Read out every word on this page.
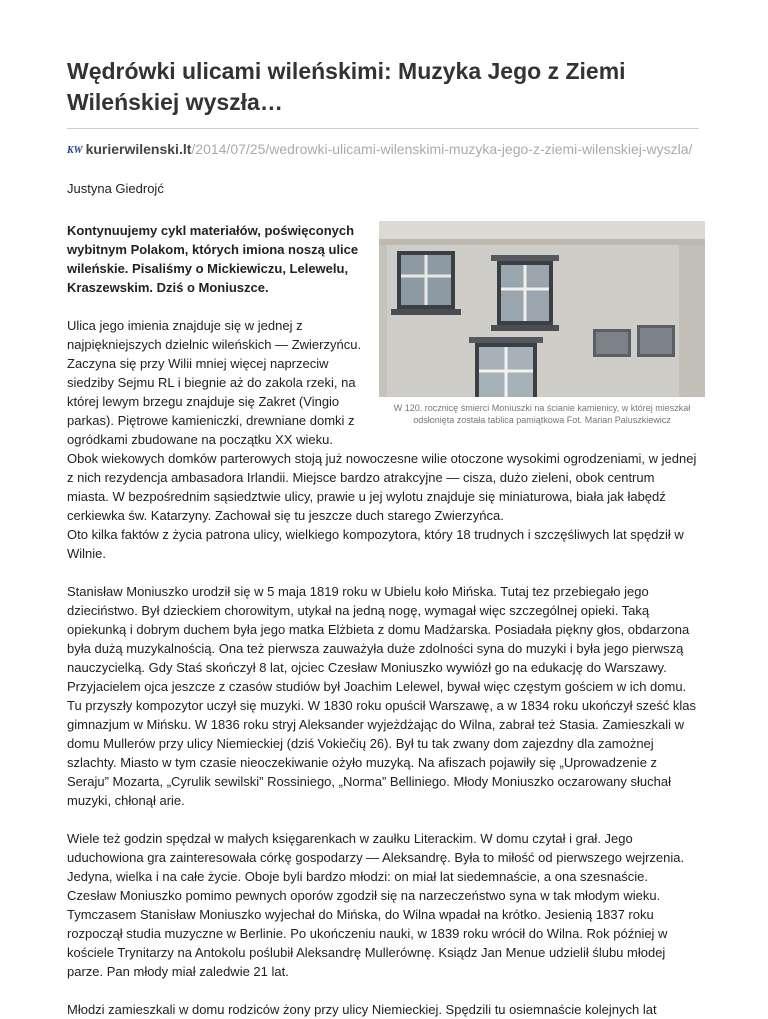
Wędrówki ulicami wileńskimi: Muzyka Jego z Ziemi Wileńskiej wyszła…
KW kurierwilenski.lt/2014/07/25/wedrowki-ulicami-wilenskimi-muzyka-jego-z-ziemi-wilenskiej-wyszla/
Justyna Giedrojć
W 120. rocznicę śmierci Moniuszki na ścianie kamienicy, w której mieszkał odsłonięta została tablica pamiątkowa Fot. Marian Paluszkiewicz

Kontynuujemy cykl materiałów, poświęconych wybitnym Polakom, których imiona noszą ulice wileńskie. Pisaliśmy o Mickiewiczu, Lelewelu, Kraszewskim. Dziś o Moniuszce.

Ulica jego imienia znajduje się w jednej z najpiękniejszych dzielnic wileńskich — Zwierzyńcu. Zaczyna się przy Wilii mniej więcej naprzeciw siedziby Sejmu RL i biegnie aż do zakola rzeki, na której lewym brzegu znajduje się Zakret (Vingio parkas). Piętrowe kamieniczki, drewniane domki z ogródkami zbudowane na początku XX wieku. Obok wiekowych domków parterowych stoją już nowoczesne wilie otoczone wysokimi ogrodzeniami, w jednej z nich rezydencja ambasadora Irlandii. Miejsce bardzo atrakcyjne — cisza, dużo zieleni, obok centrum miasta. W bezpośrednim sąsiedztwie ulicy, prawie u jej wylotu znajduje się miniaturowa, biała jak łabędź cerkiewka św. Katarzyny. Zachował się tu jeszcze duch starego Zwierzyńca.

Oto kilka faktów z życia patrona ulicy, wielkiego kompozytora, który 18 trudnych i szczęśliwych lat spędził w Wilnie.

Stanisław Moniuszko urodził się w 5 maja 1819 roku w Ubielu koło Mińska. Tutaj tez przebiegało jego dzieciństwo. Był dzieckiem chorowitym, utykał na jedną nogę, wymagał więc szczególnej opieki. Taką opiekunką i dobrym duchem była jego matka Elżbieta z domu Madżarska. Posiadała piękny głos, obdarzona była dużą muzykalnością. Ona też pierwsza zauważyła duże zdolności syna do muzyki i była jego pierwszą nauczycielką. Gdy Staś skończył 8 lat, ojciec Czesław Moniuszko wywiózł go na edukację do Warszawy. Przyjacielem ojca jeszcze z czasów studiów był Joachim Lelewel, bywał więc częstym gościem w ich domu. Tu przyszły kompozytor uczył się muzyki. W 1830 roku opuścił Warszawę, a w 1834 roku ukończył sześć klas gimnazjum w Mińsku. W 1836 roku stryj Aleksander wyjeżdżając do Wilna, zabrał też Stasia. Zamieszkali w domu Mullerów przy ulicy Niemieckiej (dziś Vokiečių 26). Był tu tak zwany dom zajezdny dla zamożnej szlachty. Miasto w tym czasie nieoczekiwanie ożyło muzyką. Na afiszach pojawiły się „Uprowadzenie z Seraju” Mozarta, „Cyrulik sewilski” Rossiniego, „Norma” Belliniego. Młody Moniuszko oczarowany słuchał muzyki, chłonął arie.

Wiele też godzin spędzał w małych księgarenkach w zaułku Literackim. W domu czytał i grał. Jego uduchowiona gra zainteresowała córkę gospodarzy — Aleksandrę. Była to miłość od pierwszego wejrzenia. Jedyna, wielka i na całe życie. Oboje byli bardzo młodzi: on miał lat siedemnaście, a ona szesnaście. Czesław Moniuszko pomimo pewnych oporów zgodził się na narzeczeństwo syna w tak młodym wieku. Tymczasem Stanisław Moniuszko wyjechał do Mińska, do Wilna wpadał na krótko. Jesienią 1837 roku rozpoczął studia muzyczne w Berlinie. Po ukończeniu nauki, w 1839 roku wrócił do Wilna. Rok później w kościele Trynitarzy na Antokolu poślubił Aleksandrę Mullerównę. Ksiądz Jan Menue udzielił ślubu młodej parze. Pan młody miał zaledwie 21 lat.

Młodzi zamieszkali w domu rodziców żony przy ulicy Niemieckiej. Spędzili tu osiemnaście kolejnych lat
